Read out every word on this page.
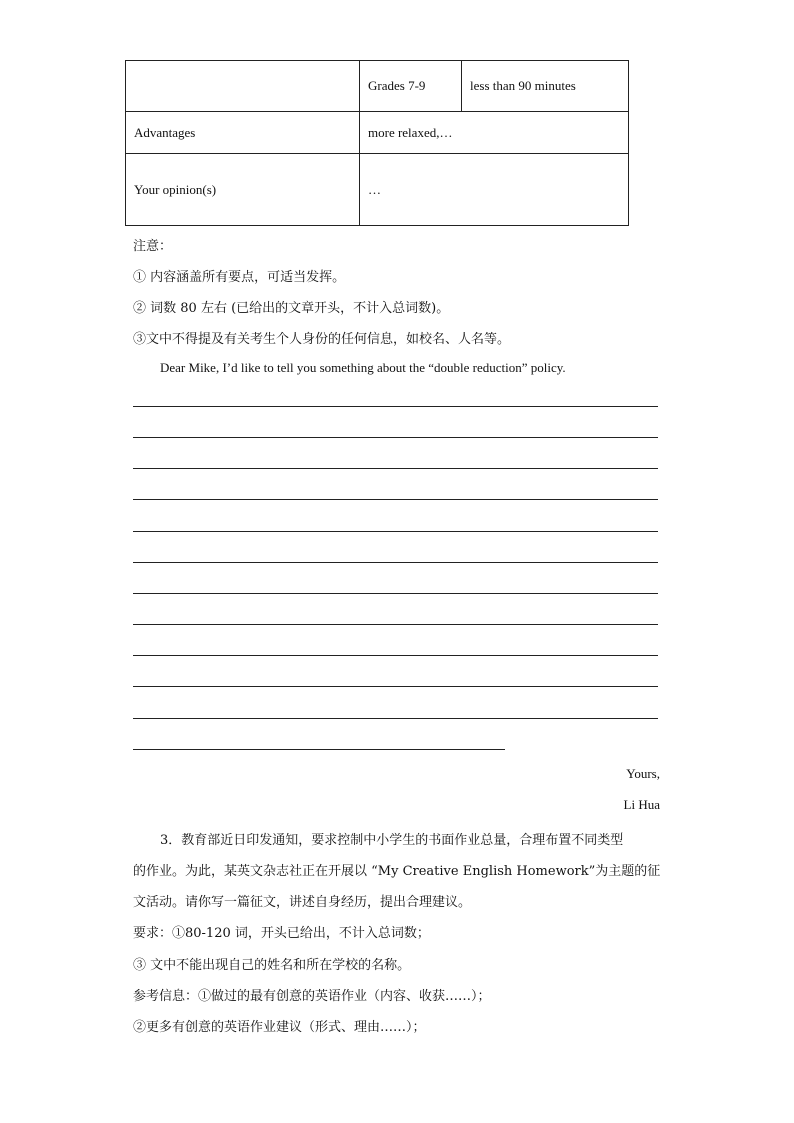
	Grades 7-9	less than 90 minutes
Advantages	more relaxed,…	
Your opinion(s)	…	
注意：
① 内容涵盖所有要点，可适当发挥。
② 词数 80 左右 (已给出的文章开头，不计入总词数)。
③文中不得提及有关考生个人身份的任何信息，如校名、人名等。
Dear Mike, I’d like to tell you something about the “double reduction” policy.
Yours,
Li Hua
3．教育部近日印发通知，要求控制中小学生的书面作业总量，合理布置不同类型
的作业。为此，某英文杂志社正在开展以 “My Creative English Homework”为主题的征
文活动。请你写一篇征文，讲述自身经历，提出合理建议。
要求：①80-120 词，开头已给出，不计入总词数；
③ 文中不能出现自己的姓名和所在学校的名称。
参考信息：①做过的最有创意的英语作业（内容、收获……）；
②更多有创意的英语作业建议（形式、理由……）；
